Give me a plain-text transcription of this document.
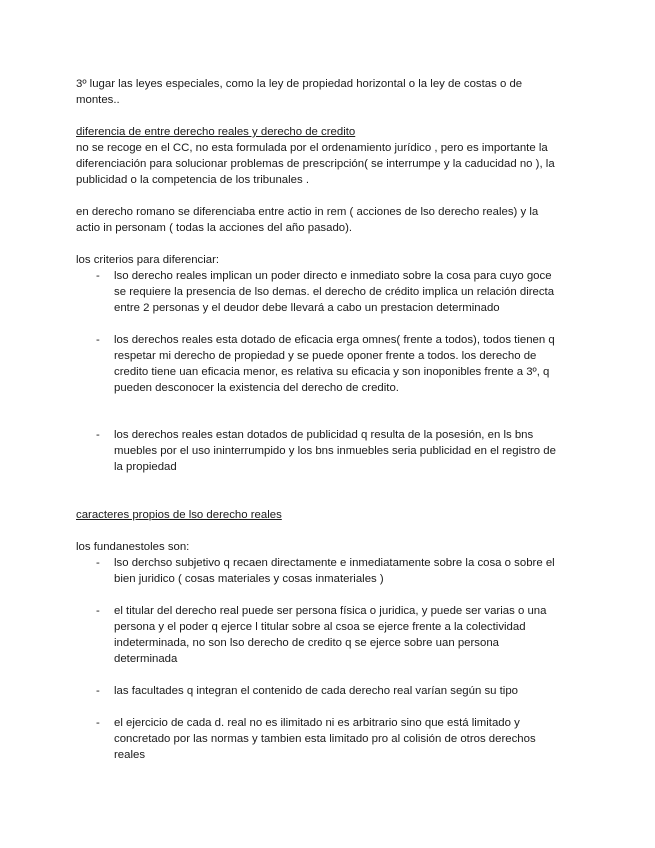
3º lugar las leyes especiales, como la ley de propiedad horizontal o la ley de costas o de

montes..

diferencia de entre derecho reales y derecho de credito

no se recoge en el CC, no esta formulada por el ordenamiento jurídico , pero es importante la

diferenciación para solucionar problemas de prescripción( se interrumpe y la caducidad no ), la

publicidad o la competencia de los tribunales .

en derecho romano se diferenciaba entre actio in rem ( acciones de lso derecho reales) y la

actio in personam ( todas la acciones del año pasado).

los criterios para diferenciar:

- lso derecho reales implican un poder directo e inmediato sobre la cosa para cuyo goce

se requiere la presencia de lso demas. el derecho de crédito implica un relación directa

entre 2 personas y el deudor debe llevará a cabo un prestacion determinado

- los derechos reales esta dotado de eficacia erga omnes( frente a todos), todos tienen q

respetar mi derecho de propiedad y se puede oponer frente a todos. los derecho de

credito tiene uan eficacia menor, es relativa su eficacia y son inoponibles frente a 3º, q

pueden desconocer la existencia del derecho de credito.

- los derechos reales estan dotados de publicidad q resulta de la posesión, en ls bns

muebles por el uso ininterrumpido y los bns inmuebles seria publicidad en el registro de

la propiedad

caracteres propios de lso derecho reales

los fundanestoles son:

- lso derchso subjetivo q recaen directamente e inmediatamente sobre la cosa o sobre el

bien juridico ( cosas materiales y cosas inmateriales )

- el titular del derecho real puede ser persona física o juridica, y puede ser varias o una

persona y el poder q ejerce l titular sobre al csoa se ejerce frente a la colectividad

indeterminada, no son lso derecho de credito q se ejerce sobre uan persona

determinada

- las facultades q integran el contenido de cada derecho real varían según su tipo

- el ejercicio de cada d. real no es ilimitado ni es arbitrario sino que está limitado y

concretado por las normas y tambien esta limitado pro al colisión de otros derechos

reales
